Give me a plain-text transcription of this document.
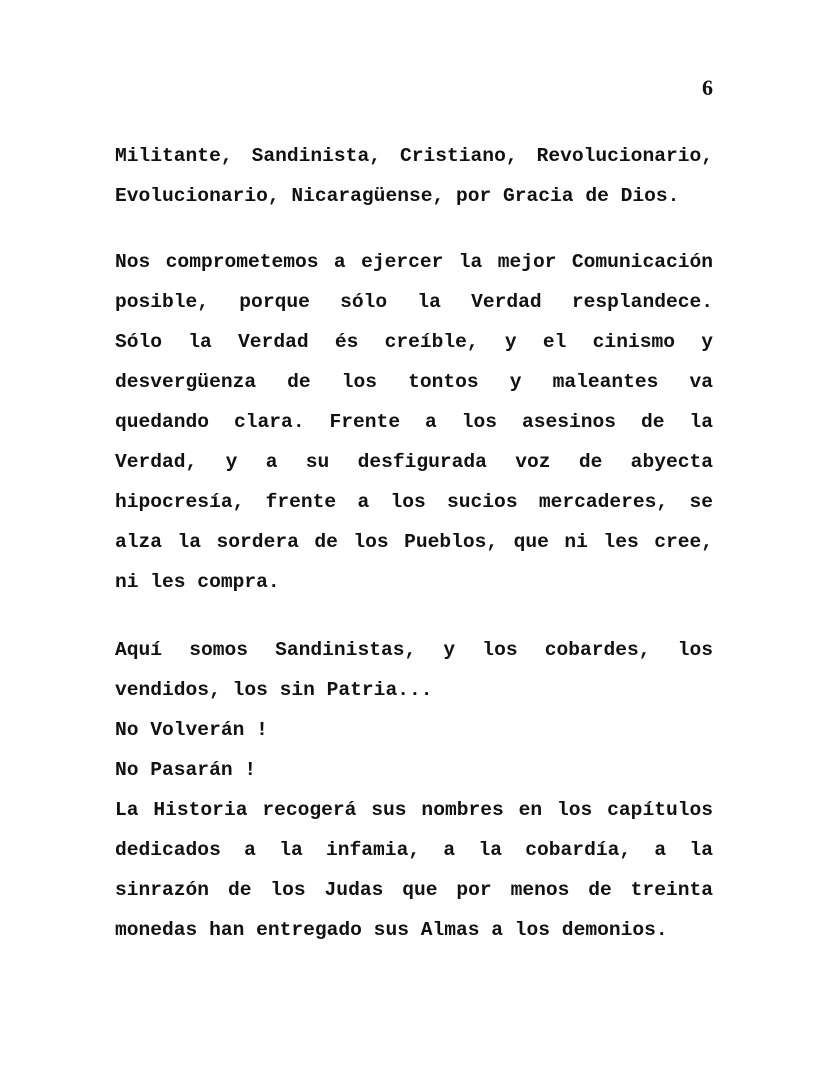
6
Militante, Sandinista, Cristiano, Revolucionario,
Evolucionario, Nicaragüense, por Gracia de Dios.
Nos comprometemos a ejercer la mejor Comunicación
posible, porque sólo la Verdad resplandece.
Sólo la Verdad és creíble, y el cinismo y
desvergüenza de los tontos y maleantes va
quedando clara. Frente a los asesinos de la
Verdad, y a su desfigurada voz de abyecta
hipocresía, frente a los sucios mercaderes, se
alza la sordera de los Pueblos, que ni les cree,
ni les compra.
Aquí somos Sandinistas, y los cobardes, los
vendidos, los sin Patria...
No Volverán !
No Pasarán !
La Historia recogerá sus nombres en los capítulos
dedicados a la infamia, a la cobardía, a la
sinrazón de los Judas que por menos de treinta
monedas han entregado sus Almas a los demonios.
